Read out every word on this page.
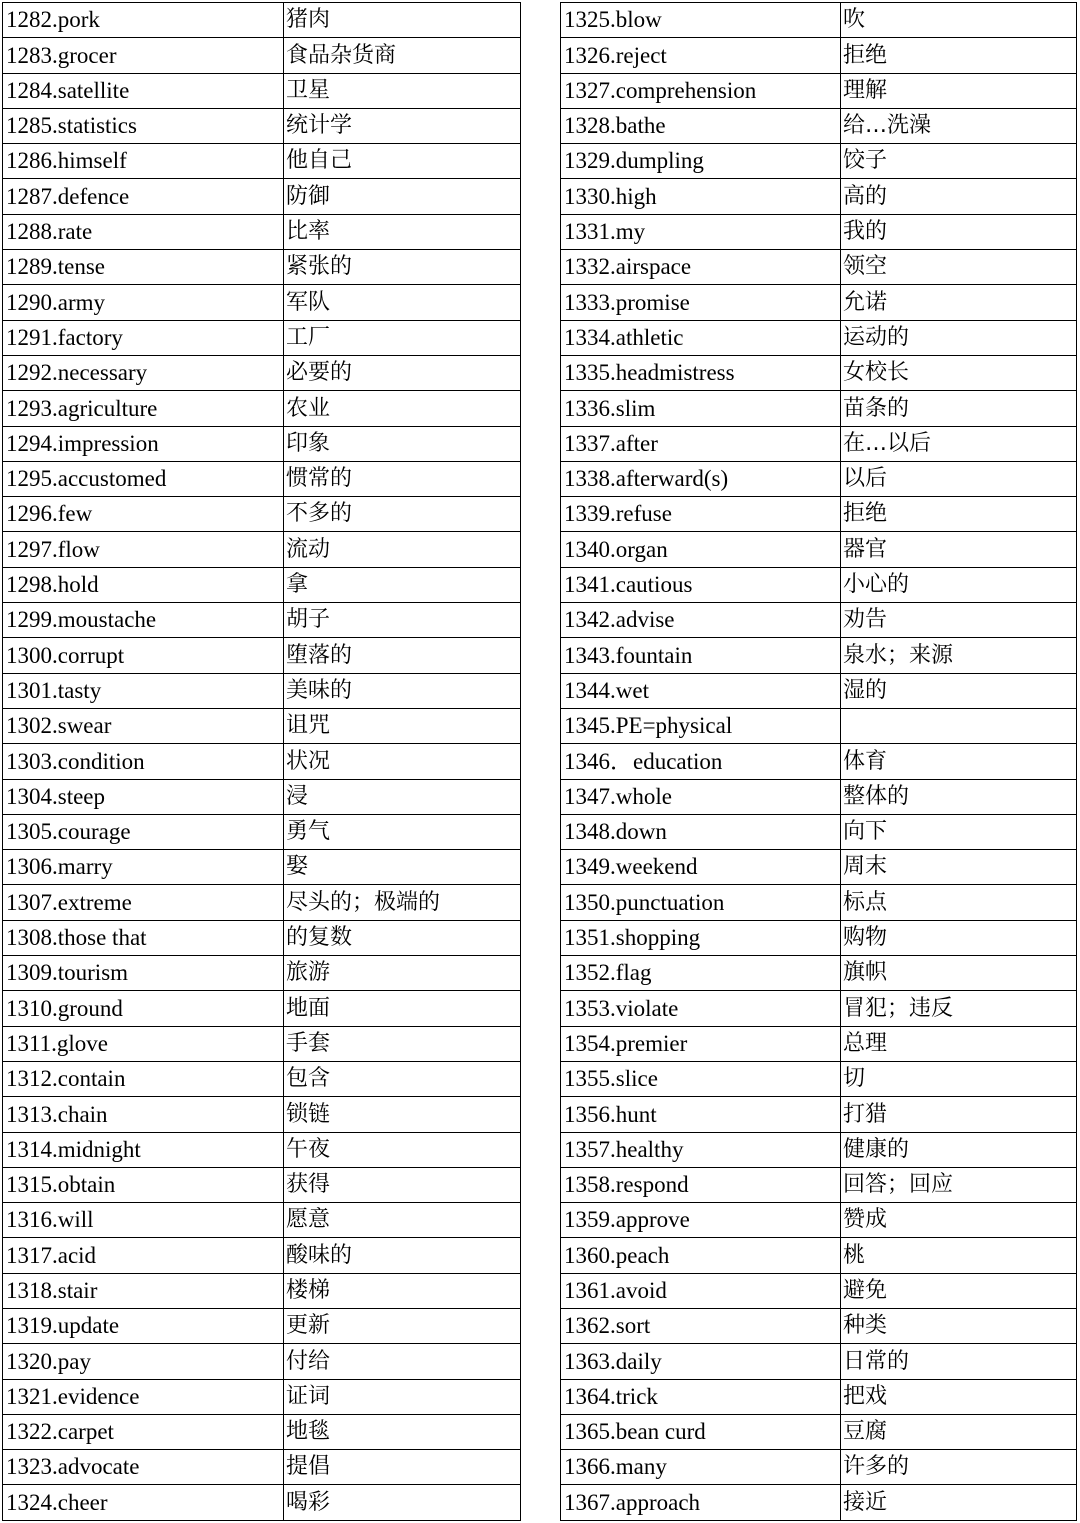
1282.pork	猪肉
1283.grocer	食品杂货商
1284.satellite	卫星
1285.statistics	统计学
1286.himself	他自己
1287.defence	防御
1288.rate	比率
1289.tense	紧张的
1290.army	军队
1291.factory	工厂
1292.necessary	必要的
1293.agriculture	农业
1294.impression	印象
1295.accustomed	惯常的
1296.few	不多的
1297.flow	流动
1298.hold	拿
1299.moustache	胡子
1300.corrupt	堕落的
1301.tasty	美味的
1302.swear	诅咒
1303.condition	状况
1304.steep	浸
1305.courage	勇气
1306.marry	娶
1307.extreme	尽头的；极端的
1308.those that	的复数
1309.tourism	旅游
1310.ground	地面
1311.glove	手套
1312.contain	包含
1313.chain	锁链
1314.midnight	午夜
1315.obtain	获得
1316.will	愿意
1317.acid	酸味的
1318.stair	楼梯
1319.update	更新
1320.pay	付给
1321.evidence	证词
1322.carpet	地毯
1323.advocate	提倡
1324.cheer	喝彩
1325.blow	吹
1326.reject	拒绝
1327.comprehension	理解
1328.bathe	给…洗澡
1329.dumpling	饺子
1330.high	高的
1331.my	我的
1332.airspace	领空
1333.promise	允诺
1334.athletic	运动的
1335.headmistress	女校长
1336.slim	苗条的
1337.after	在…以后
1338.afterward(s)	以后
1339.refuse	拒绝
1340.organ	器官
1341.cautious	小心的
1342.advise	劝告
1343.fountain	泉水；来源
1344.wet	湿的
1345.PE=physical	
1346．education	体育
1347.whole	整体的
1348.down	向下
1349.weekend	周末
1350.punctuation	标点
1351.shopping	购物
1352.flag	旗帜
1353.violate	冒犯；违反
1354.premier	总理
1355.slice	切
1356.hunt	打猎
1357.healthy	健康的
1358.respond	回答；回应
1359.approve	赞成
1360.peach	桃
1361.avoid	避免
1362.sort	种类
1363.daily	日常的
1364.trick	把戏
1365.bean curd	豆腐
1366.many	许多的
1367.approach	接近
